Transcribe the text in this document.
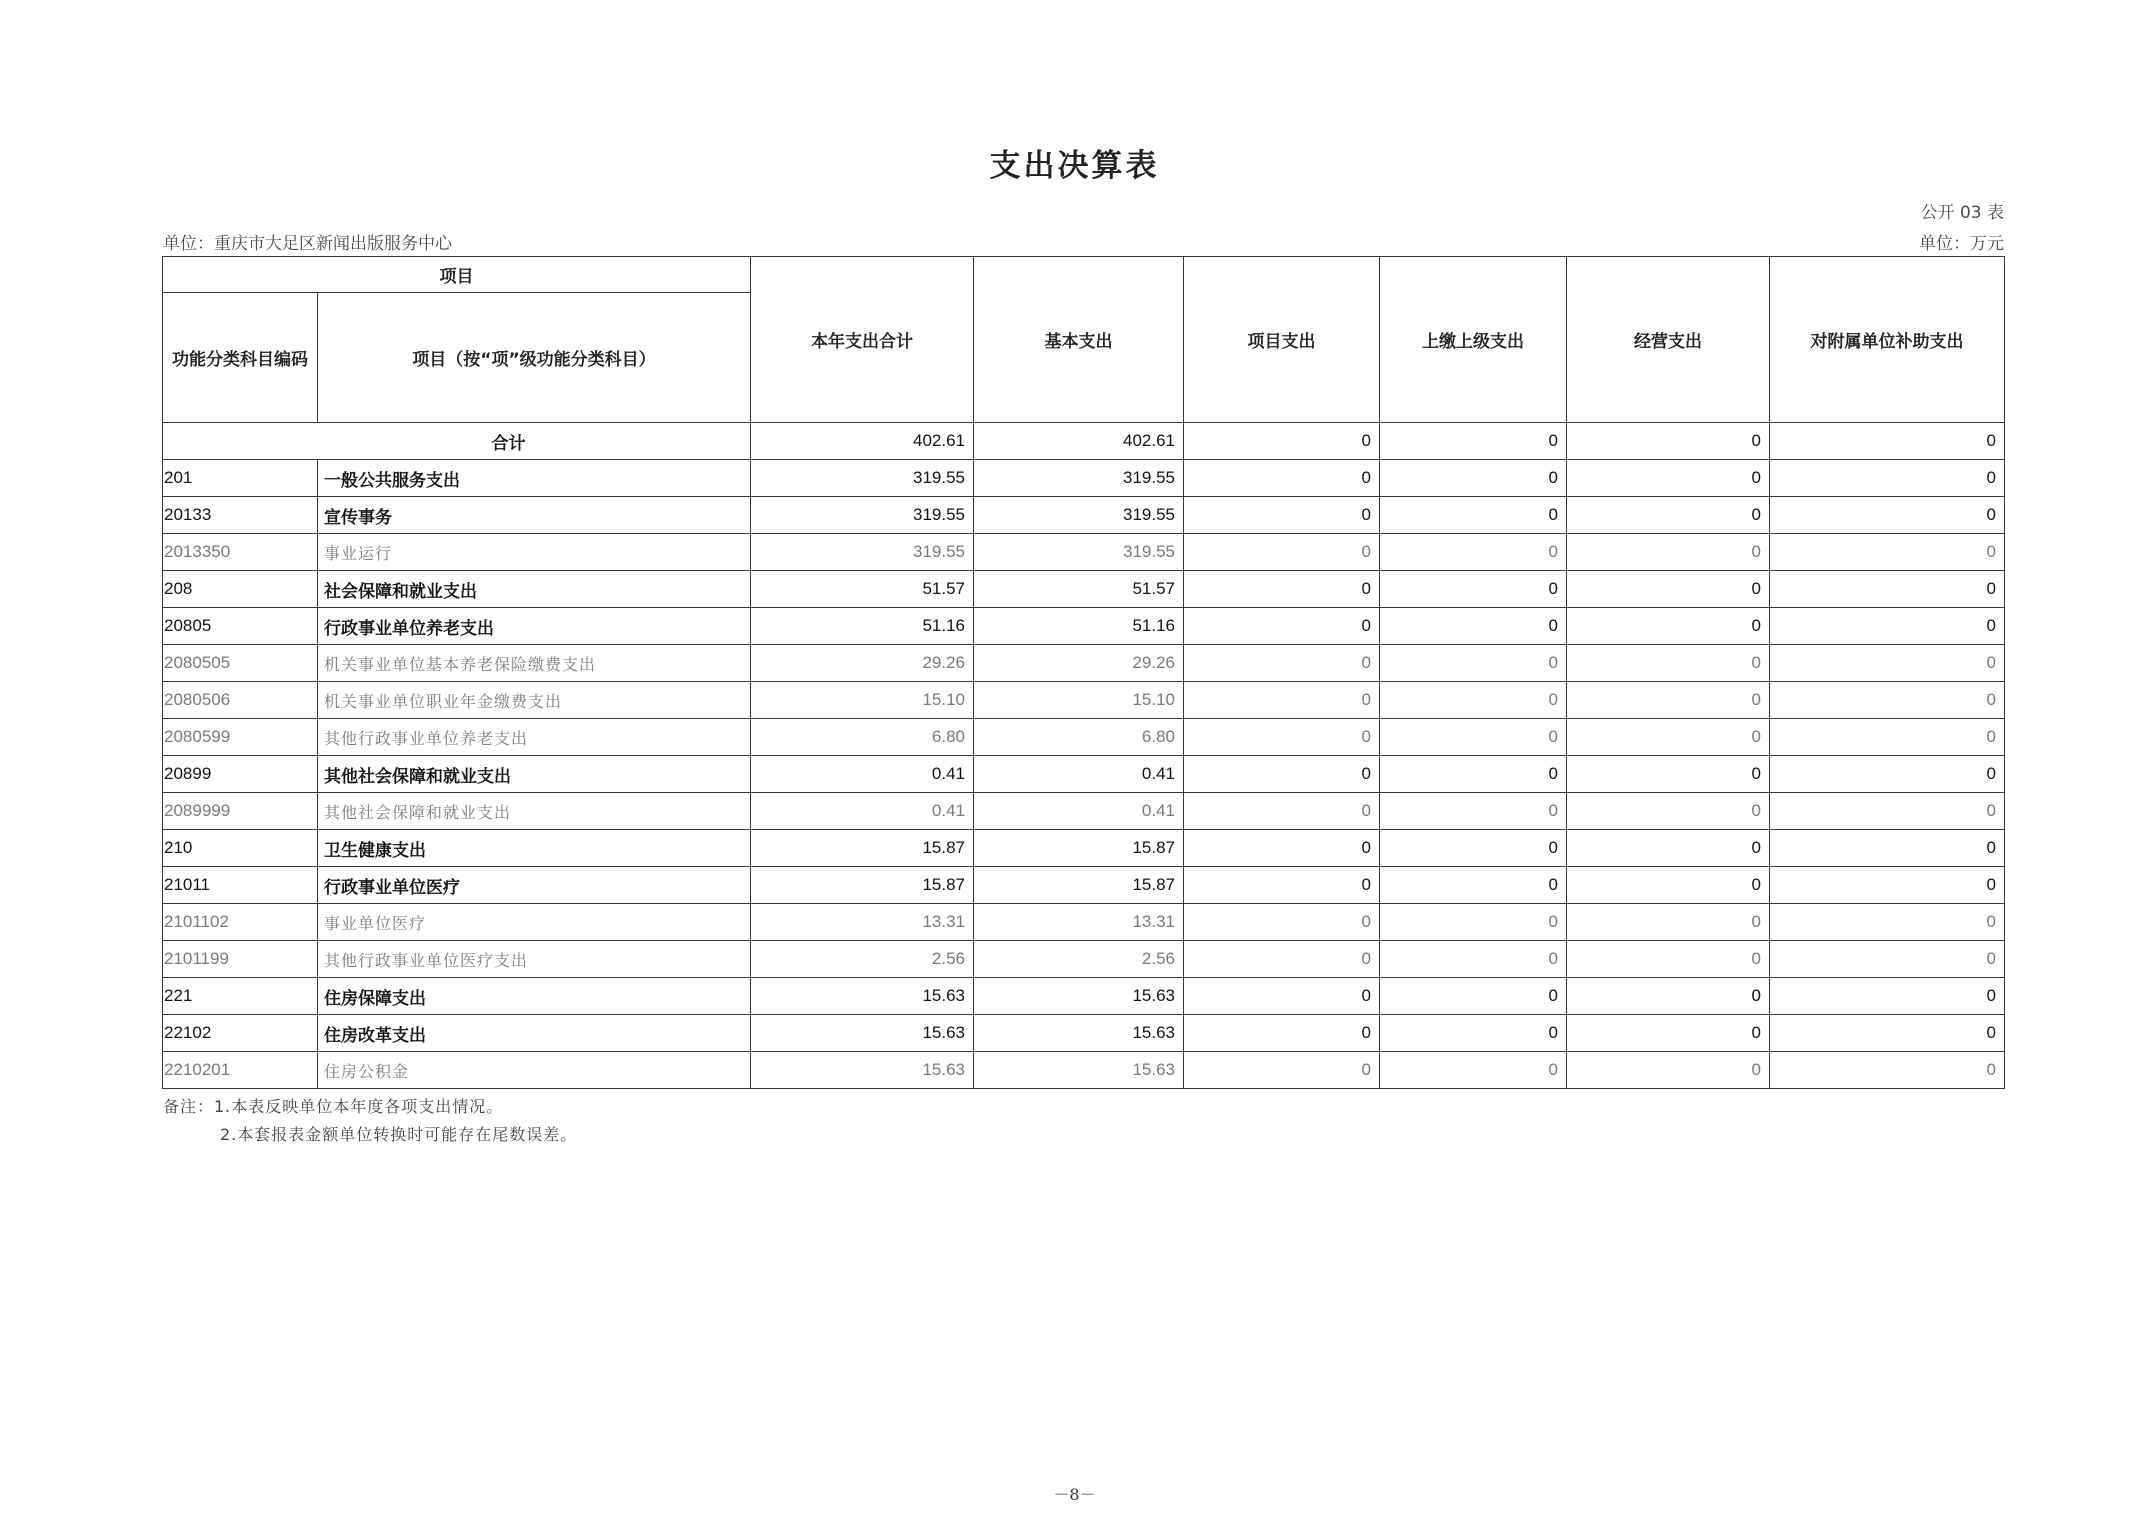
支出决算表
公开 03 表
单位：重庆市大足区新闻出版服务中心	单位：万元
项目		本年支出合计	基本支出	项目支出	上缴上级支出	经营支出	对附属单位补助支出
功能分类科目编码	项目（按“项”级功能分类科目）						
合计		402.61	402.61	0	0	0	0
201	一般公共服务支出	319.55	319.55	0	0	0	0
20133	宣传事务	319.55	319.55	0	0	0	0
2013350	事业运行	319.55	319.55	0	0	0	0
208	社会保障和就业支出	51.57	51.57	0	0	0	0
20805	行政事业单位养老支出	51.16	51.16	0	0	0	0
2080505	机关事业单位基本养老保险缴费支出	29.26	29.26	0	0	0	0
2080506	机关事业单位职业年金缴费支出	15.10	15.10	0	0	0	0
2080599	其他行政事业单位养老支出	6.80	6.80	0	0	0	0
20899	其他社会保障和就业支出	0.41	0.41	0	0	0	0
2089999	其他社会保障和就业支出	0.41	0.41	0	0	0	0
210	卫生健康支出	15.87	15.87	0	0	0	0
21011	行政事业单位医疗	15.87	15.87	0	0	0	0
2101102	事业单位医疗	13.31	13.31	0	0	0	0
2101199	其他行政事业单位医疗支出	2.56	2.56	0	0	0	0
221	住房保障支出	15.63	15.63	0	0	0	0
22102	住房改革支出	15.63	15.63	0	0	0	0
2210201	住房公积金	15.63	15.63	0	0	0	0
备注：1.本表反映单位本年度各项支出情况。
2.本套报表金额单位转换时可能存在尾数误差。
－8－
